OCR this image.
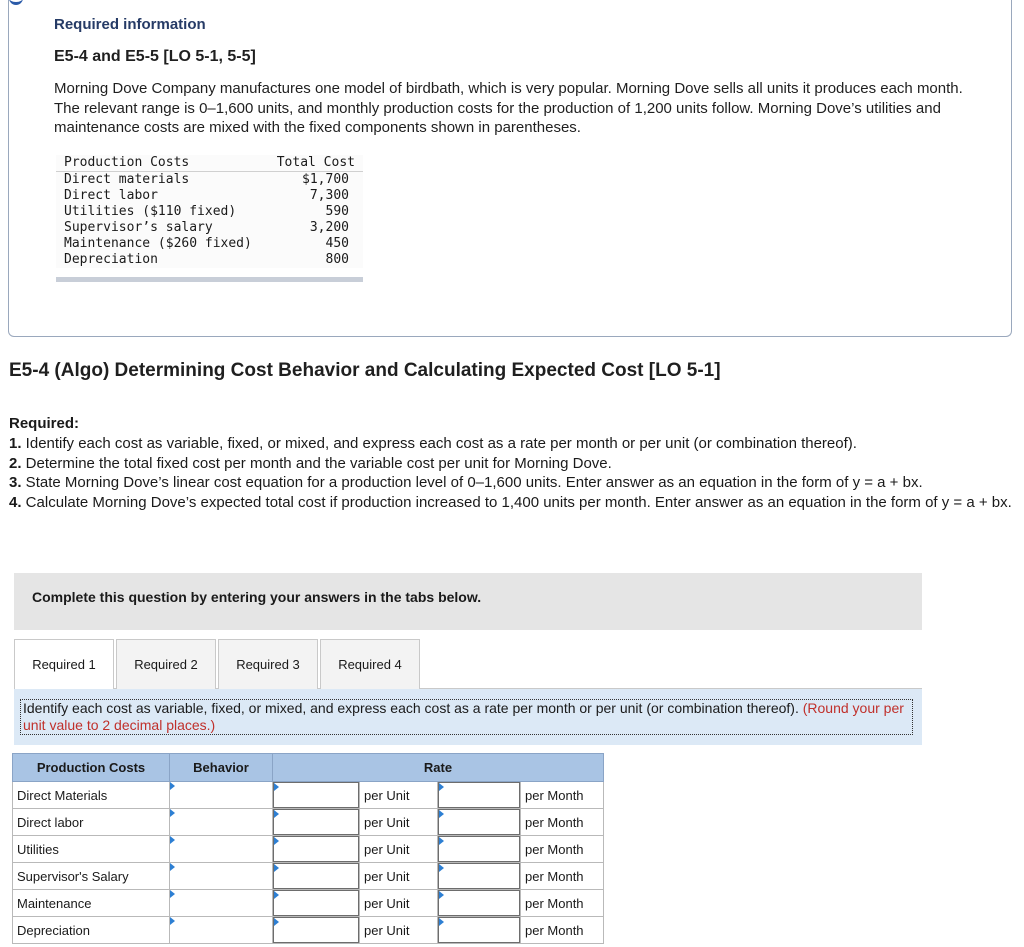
Required information
E5-4 and E5-5 [LO 5-1, 5-5]
Morning Dove Company manufactures one model of birdbath, which is very popular. Morning Dove sells all units it produces each month. The relevant range is 0–1,600 units, and monthly production costs for the production of 1,200 units follow. Morning Dove’s utilities and maintenance costs are mixed with the fixed components shown in parentheses.
Production Costs	Total Cost
Direct materials	$1,700
Direct labor	7,300
Utilities ($110 fixed)	590
Supervisor’s salary	3,200
Maintenance ($260 fixed)	450
Depreciation	800
E5-4 (Algo) Determining Cost Behavior and Calculating Expected Cost [LO 5-1]
Required:
1. Identify each cost as variable, fixed, or mixed, and express each cost as a rate per month or per unit (or combination thereof).
2. Determine the total fixed cost per month and the variable cost per unit for Morning Dove.
3. State Morning Dove’s linear cost equation for a production level of 0–1,600 units. Enter answer as an equation in the form of y = a + bx.
4. Calculate Morning Dove’s expected total cost if production increased to 1,400 units per month. Enter answer as an equation in the form of y = a + bx.
Complete this question by entering your answers in the tabs below.
Required 1	Required 2	Required 3	Required 4
Identify each cost as variable, fixed, or mixed, and express each cost as a rate per month or per unit (or combination thereof). (Round your per unit value to 2 decimal places.)
Production Costs	Behavior	Rate			
Direct Materials			per Unit		per Month
Direct labor			per Unit		per Month
Utilities			per Unit		per Month
Supervisor's Salary			per Unit		per Month
Maintenance			per Unit		per Month
Depreciation			per Unit		per Month
